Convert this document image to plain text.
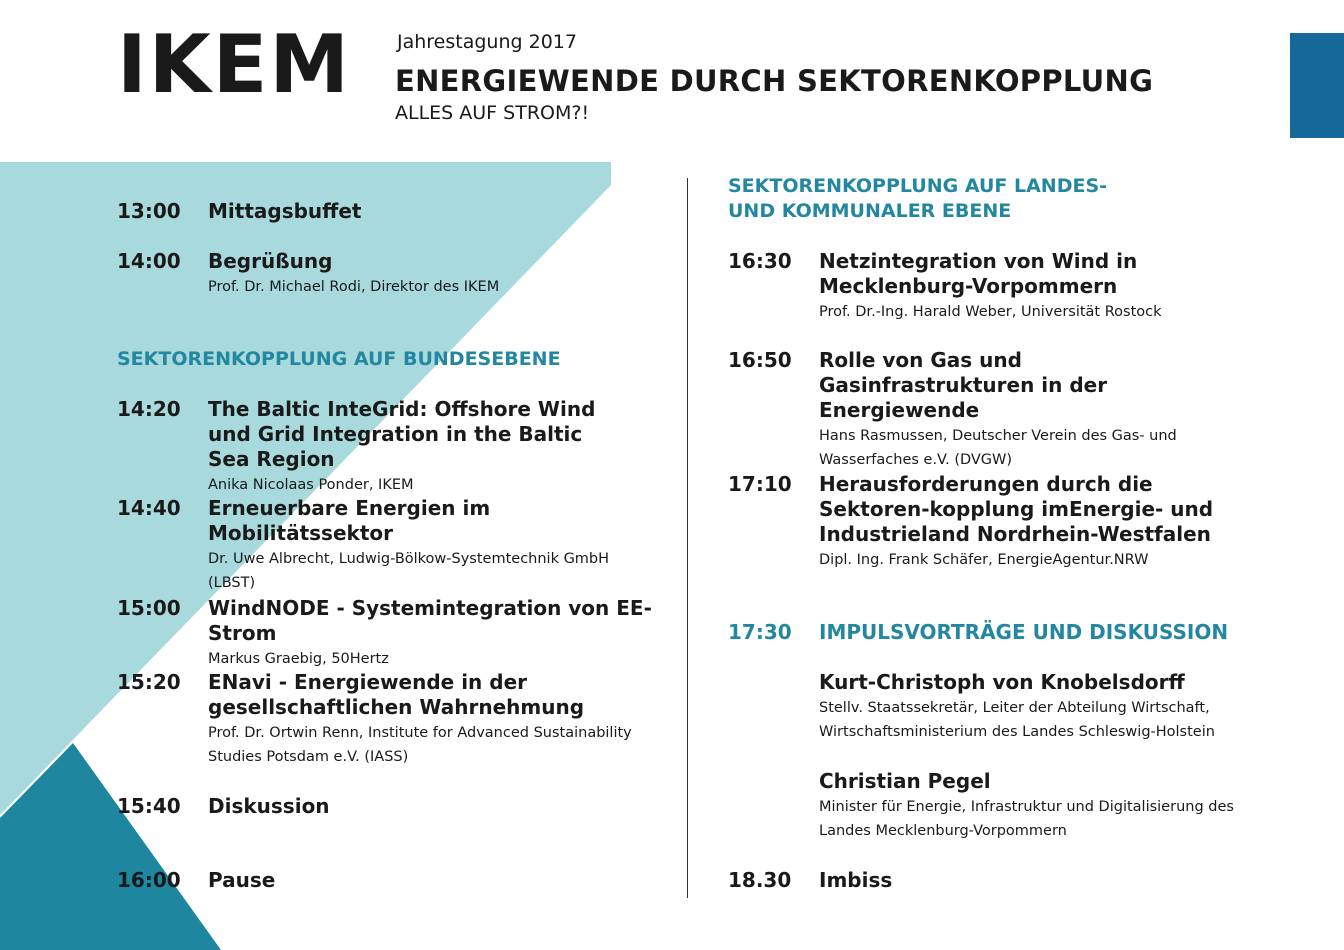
IKEM Jahrestagung 2017
ENERGIEWENDE DURCH SEKTORENKOPPLUNG
ALLES AUF STROM?!
13:00	Mittagsbuffet
14:00	Begrüßung
Prof. Dr. Michael Rodi, Direktor des IKEM
SEKTORENKOPPLUNG AUF BUNDESEBENE
14:20	The Baltic InteGrid: Offshore Wind und Grid Integration in the Baltic Sea Region
Anika Nicolaas Ponder, IKEM
14:40	Erneuerbare Energien im Mobilitätssektor
Dr. Uwe Albrecht, Ludwig-Bölkow-Systemtechnik GmbH (LBST)
15:00	WindNODE - Systemintegration von EE-Strom
Markus Graebig, 50Hertz
15:20	ENavi - Energiewende in der gesellschaftlichen Wahrnehmung
Prof. Dr. Ortwin Renn, Institute for Advanced Sustainability Studies Potsdam e.V. (IASS)
15:40	Diskussion
16:00	Pause
SEKTORENKOPPLUNG AUF LANDES- UND KOMMUNALER EBENE
16:30	Netzintegration von Wind in Mecklenburg-Vorpommern
Prof. Dr.-Ing. Harald Weber, Universität Rostock
16:50	Rolle von Gas und Gasinfrastrukturen in der Energiewende
Hans Rasmussen, Deutscher Verein des Gas- und Wasserfaches e.V. (DVGW)
17:10	Herausforderungen durch die Sektoren-kopplung imEnergie- und Industrieland Nordrhein-Westfalen
Dipl. Ing. Frank Schäfer, EnergieAgentur.NRW
17:30	IMPULSVORTRÄGE UND DISKUSSION
Kurt-Christoph von Knobelsdorff
Stellv. Staatssekretär, Leiter der Abteilung Wirtschaft, Wirtschaftsministerium des Landes Schleswig-Holstein
Christian Pegel
Minister für Energie, Infrastruktur und Digitalisierung des Landes Mecklenburg-Vorpommern
18.30	Imbiss
